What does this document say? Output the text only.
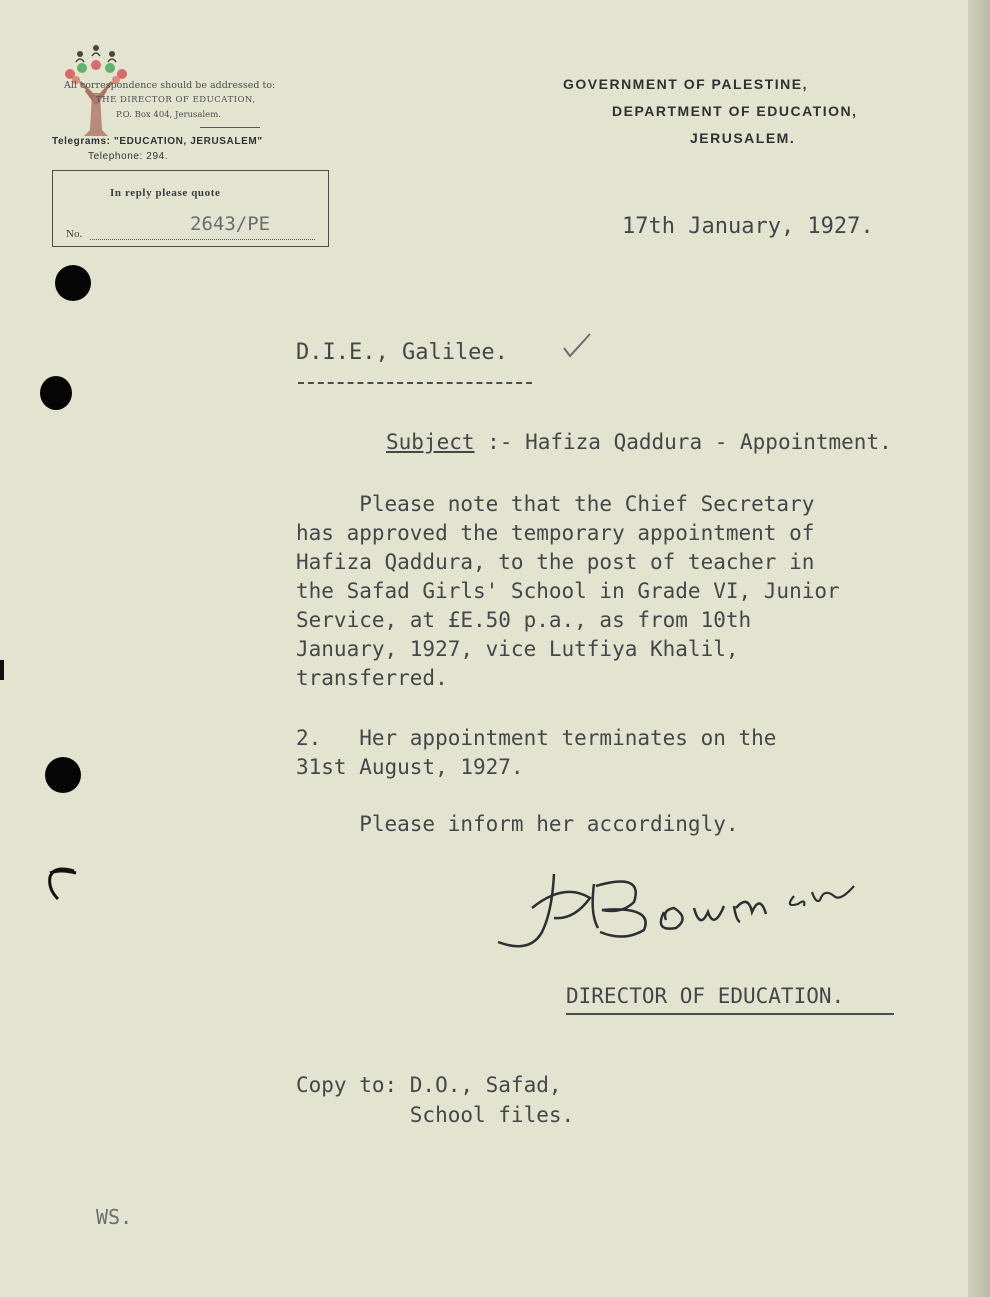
All correspondence should be addressed to:
THE DIRECTOR OF EDUCATION,
P.O. Box 404, Jerusalem.
Telegrams: "EDUCATION, JERUSALEM"
Telephone: 294.
In reply please quote
No.	2643/PE
GOVERNMENT OF PALESTINE,
DEPARTMENT OF EDUCATION,
JERUSALEM.
17th January, 1927.
D.I.E., Galilee.
Subject :- Hafiza Qaddura - Appointment.
Please note that the Chief Secretary
has approved the temporary appointment of
Hafiza Qaddura, to the post of teacher in
the Safad Girls' School in Grade VI, Junior
Service, at £E.50 p.a., as from 10th
January, 1927, vice Lutfiya Khalil,
transferred.
2.   Her appointment terminates on the
31st August, 1927.
Please inform her accordingly.
DIRECTOR OF EDUCATION.
Copy to: D.O., Safad,
School files.
WS.
